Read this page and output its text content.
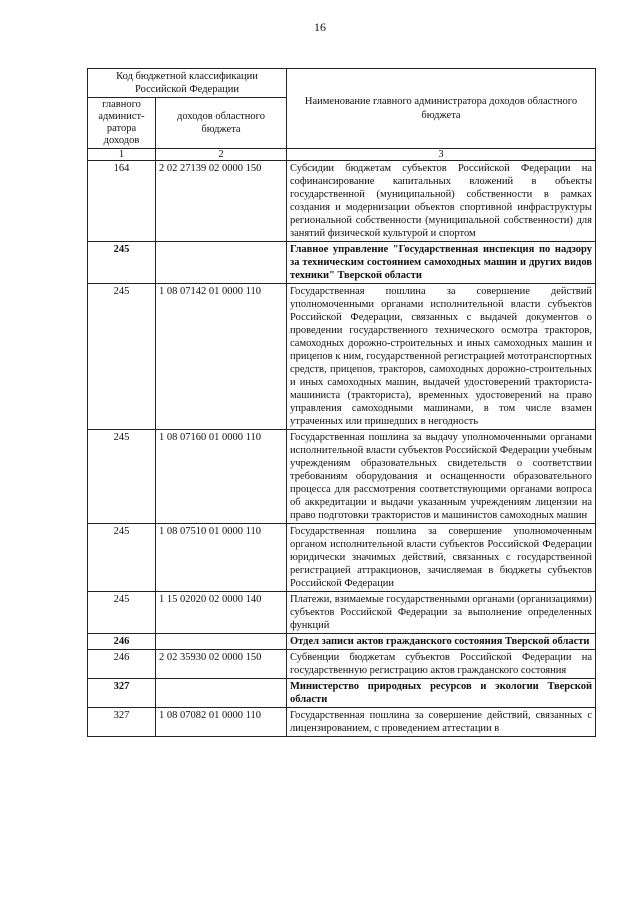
16
Код бюджетной классификации Российской Федерации		Наименование главного администратора доходов областного бюджета
главного админист-ратора доходов	доходов областного бюджета	
1	2	3
164	2 02 27139 02 0000 150	Субсидии бюджетам субъектов Российской Федерации на софинансирование капитальных вложений в объекты государственной (муниципальной) собственности в рамках создания и модернизации объектов спортивной инфраструктуры региональной собственности (муниципальной собственности) для занятий физической культурой и спортом
245		Главное управление "Государственная инспекция по надзору за техническим состоянием самоходных машин и других видов техники" Тверской области
245	1 08 07142 01 0000 110	Государственная пошлина за совершение действий уполномоченными органами исполнительной власти субъектов Российской Федерации, связанных с выдачей документов о проведении государственного технического осмотра тракторов, самоходных дорожно-строительных и иных самоходных машин и прицепов к ним, государственной регистрацией мототранспортных средств, прицепов, тракторов, самоходных дорожно-строительных и иных самоходных машин, выдачей удостоверений тракториста-машиниста (тракториста), временных удостоверений на право управления самоходными машинами, в том числе взамен утраченных или пришедших в негодность
245	1 08 07160 01 0000 110	Государственная пошлина за выдачу уполномоченными органами исполнительной власти субъектов Российской Федерации учебным учреждениям образовательных свидетельств о соответствии требованиям оборудования и оснащенности образовательного процесса для рассмотрения соответствующими органами вопроса об аккредитации и выдачи указанным учреждениям лицензии на право подготовки трактористов и машинистов самоходных машин
245	1 08 07510 01 0000 110	Государственная пошлина за совершение уполномоченным органом исполнительной власти субъектов Российской Федерации юридически значимых действий, связанных с государственной регистрацией аттракционов, зачисляемая в бюджеты субъектов Российской Федерации
245	1 15 02020 02 0000 140	Платежи, взимаемые государственными органами (организациями) субъектов Российской Федерации за выполнение определенных функций
246		Отдел записи актов гражданского состояния Тверской области
246	2 02 35930 02 0000 150	Субвенции бюджетам субъектов Российской Федерации на государственную регистрацию актов гражданского состояния
327		Министерство природных ресурсов и экологии Тверской области
327	1 08 07082 01 0000 110	Государственная пошлина за совершение действий, связанных с лицензированием, с проведением аттестации в
